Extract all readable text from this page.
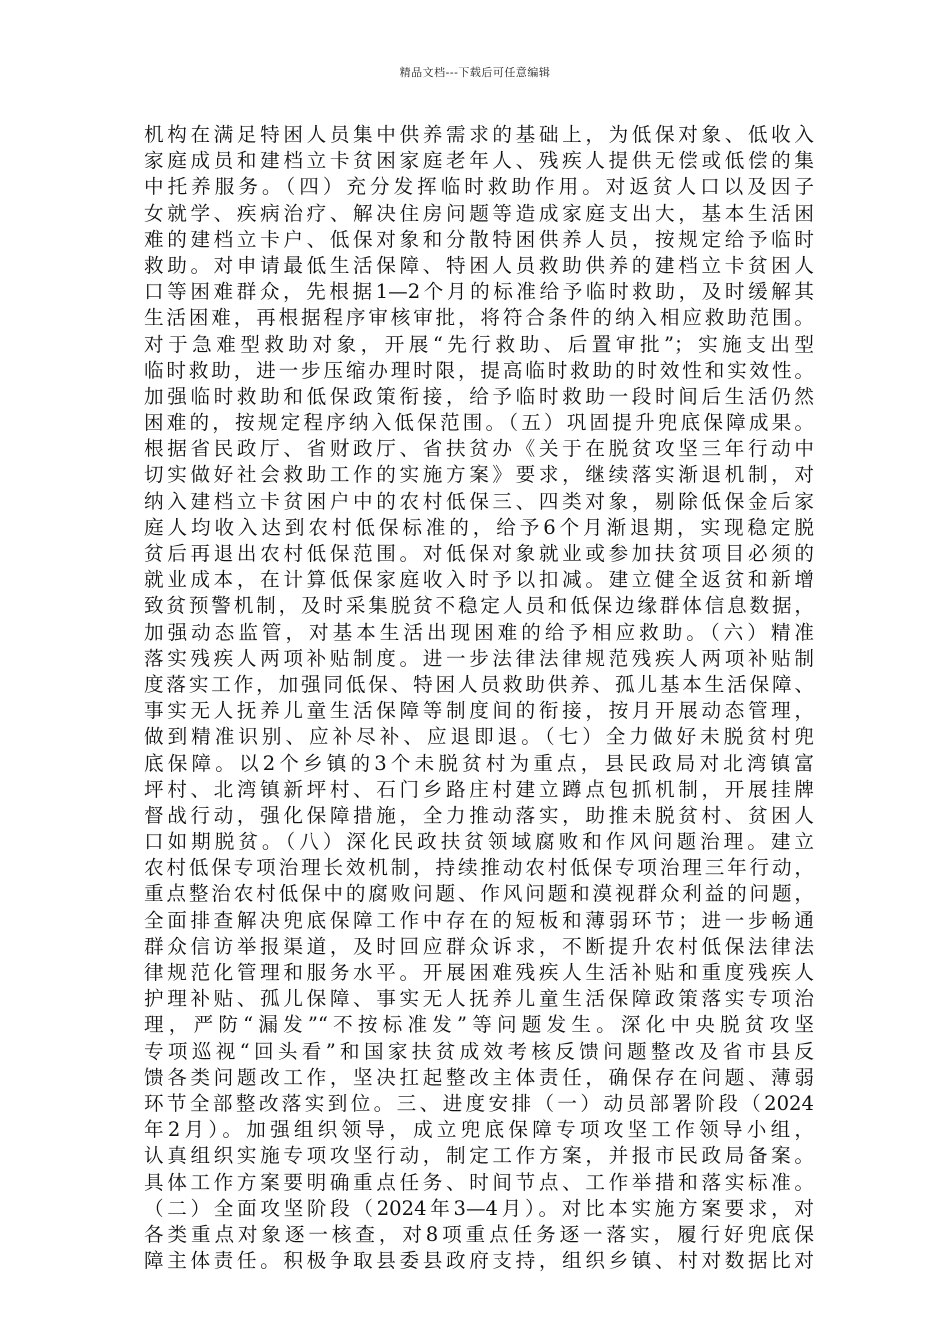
精品文档---下载后可任意编辑
机构在满足特困人员集中供养需求的基础上，为低保对象、低收入
家庭成员和建档立卡贫困家庭老年人、残疾人提供无偿或低偿的集
中托养服务。（四）充分发挥临时救助作用。对返贫人口以及因子
女就学、疾病治疗、解决住房问题等造成家庭支出大，基本生活困
难的建档立卡户、低保对象和分散特困供养人员，按规定给予临时
救助。对申请最低生活保障、特困人员救助供养的建档立卡贫困人
口等困难群众，先根据1—2个月的标准给予临时救助，及时缓解其
生活困难，再根据程序审核审批，将符合条件的纳入相应救助范围。
对于急难型救助对象，开展“先行救助、后置审批”；实施支出型
临时救助，进一步压缩办理时限，提高临时救助的时效性和实效性。
加强临时救助和低保政策衔接，给予临时救助一段时间后生活仍然
困难的，按规定程序纳入低保范围。（五）巩固提升兜底保障成果。
根据省民政厅、省财政厅、省扶贫办《关于在脱贫攻坚三年行动中
切实做好社会救助工作的实施方案》要求，继续落实渐退机制，对
纳入建档立卡贫困户中的农村低保三、四类对象，剔除低保金后家
庭人均收入达到农村低保标准的，给予6个月渐退期，实现稳定脱
贫后再退出农村低保范围。对低保对象就业或参加扶贫项目必须的
就业成本，在计算低保家庭收入时予以扣减。建立健全返贫和新增
致贫预警机制，及时采集脱贫不稳定人员和低保边缘群体信息数据，
加强动态监管，对基本生活出现困难的给予相应救助。（六）精准
落实残疾人两项补贴制度。进一步法律法律规范残疾人两项补贴制
度落实工作，加强同低保、特困人员救助供养、孤儿基本生活保障、
事实无人抚养儿童生活保障等制度间的衔接，按月开展动态管理，
做到精准识别、应补尽补、应退即退。（七）全力做好未脱贫村兜
底保障。以2个乡镇的3个未脱贫村为重点，县民政局对北湾镇富
坪村、北湾镇新坪村、石门乡路庄村建立蹲点包抓机制，开展挂牌
督战行动，强化保障措施，全力推动落实，助推未脱贫村、贫困人
口如期脱贫。（八）深化民政扶贫领域腐败和作风问题治理。建立
农村低保专项治理长效机制，持续推动农村低保专项治理三年行动，
重点整治农村低保中的腐败问题、作风问题和漠视群众利益的问题，
全面排查解决兜底保障工作中存在的短板和薄弱环节；进一步畅通
群众信访举报渠道，及时回应群众诉求，不断提升农村低保法律法
律规范化管理和服务水平。开展困难残疾人生活补贴和重度残疾人
护理补贴、孤儿保障、事实无人抚养儿童生活保障政策落实专项治
理，严防“漏发”“不按标准发”等问题发生。深化中央脱贫攻坚
专项巡视“回头看”和国家扶贫成效考核反馈问题整改及省市县反
馈各类问题改工作，坚决扛起整改主体责任，确保存在问题、薄弱
环节全部整改落实到位。三、进度安排（一）动员部署阶段（2024
年2月）。加强组织领导，成立兜底保障专项攻坚工作领导小组，
认真组织实施专项攻坚行动，制定工作方案，并报市民政局备案。
具体工作方案要明确重点任务、时间节点、工作举措和落实标准。
（二）全面攻坚阶段（2024年3—4月）。对比本实施方案要求，对
各类重点对象逐一核查，对8项重点任务逐一落实，履行好兜底保
障主体责任。积极争取县委县政府支持，组织乡镇、村对数据比对
